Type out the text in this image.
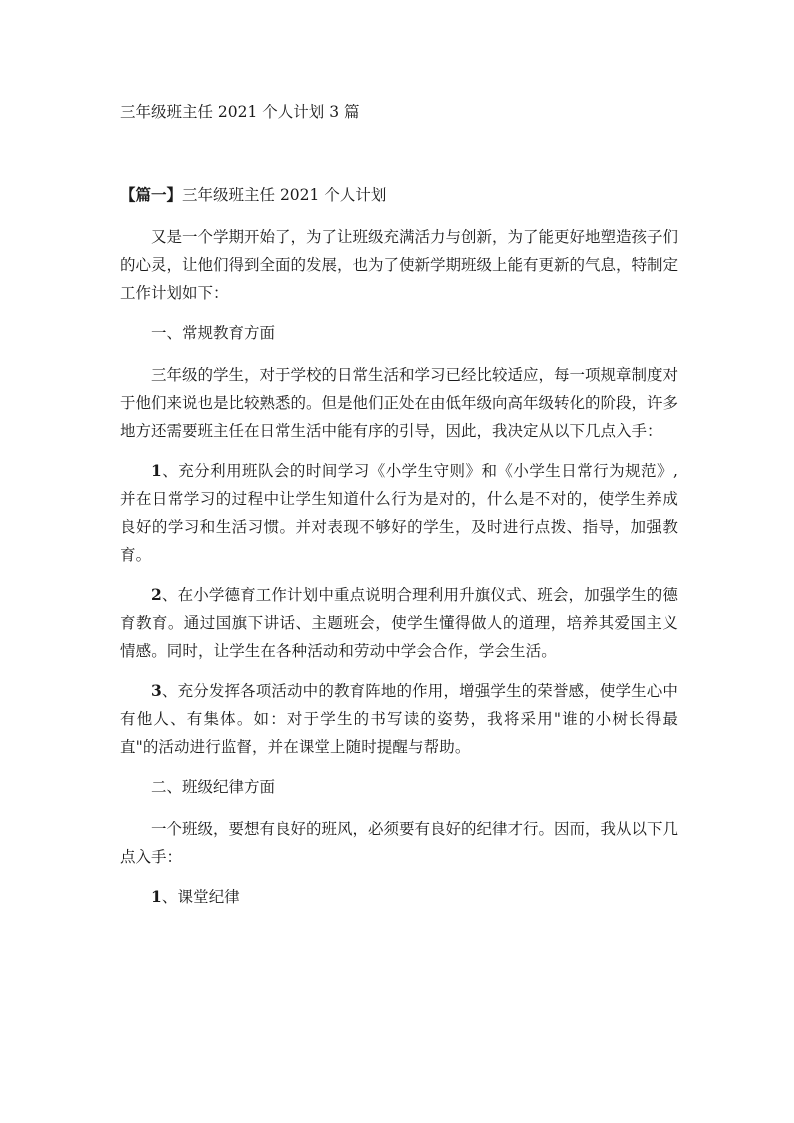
三年级班主任 2021 个人计划 3 篇
【篇一】三年级班主任 2021 个人计划

又是一个学期开始了，为了让班级充满活力与创新，为了能更好地塑造孩子们的心灵，让他们得到全面的发展，也为了使新学期班级上能有更新的气息，特制定工作计划如下：

一、常规教育方面

三年级的学生，对于学校的日常生活和学习已经比较适应，每一项规章制度对于他们来说也是比较熟悉的。但是他们正处在由低年级向高年级转化的阶段，许多地方还需要班主任在日常生活中能有序的引导，因此，我决定从以下几点入手：

1、充分利用班队会的时间学习《小学生守则》和《小学生日常行为规范》,并在日常学习的过程中让学生知道什么行为是对的，什么是不对的，使学生养成良好的学习和生活习惯。并对表现不够好的学生，及时进行点拨、指导，加强教育。

2、在小学德育工作计划中重点说明合理利用升旗仪式、班会，加强学生的德育教育。通过国旗下讲话、主题班会，使学生懂得做人的道理，培养其爱国主义情感。同时，让学生在各种活动和劳动中学会合作，学会生活。

3、充分发挥各项活动中的教育阵地的作用，增强学生的荣誉感，使学生心中有他人、有集体。如：对于学生的书写读的姿势，我将采用"谁的小树长得最直"的活动进行监督，并在课堂上随时提醒与帮助。

二、班级纪律方面

一个班级，要想有良好的班风，必须要有良好的纪律才行。因而，我从以下几点入手：

1、课堂纪律
